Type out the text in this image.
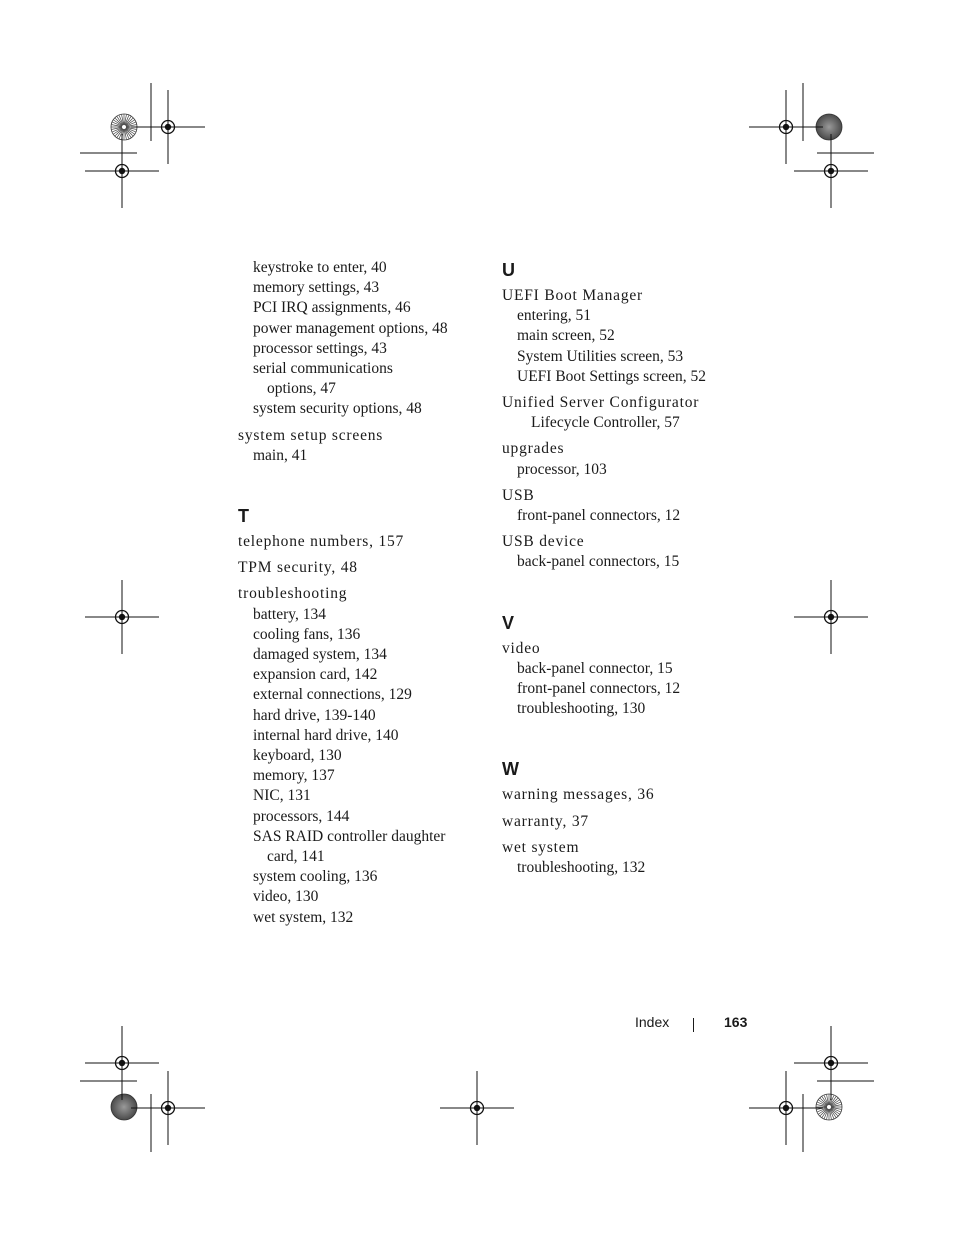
keystroke to enter, 40
memory settings, 43
PCI IRQ assignments, 46
power management options, 48
processor settings, 43
serial communications
options, 47
system security options, 48
system setup screens
main, 41
T
telephone numbers, 157
TPM security, 48
troubleshooting
battery, 134
cooling fans, 136
damaged system, 134
expansion card, 142
external connections, 129
hard drive, 139-140
internal hard drive, 140
keyboard, 130
memory, 137
NIC, 131
processors, 144
SAS RAID controller daughter
card, 141
system cooling, 136
video, 130
wet system, 132
U
UEFI Boot Manager
entering, 51
main screen, 52
System Utilities screen, 53
UEFI Boot Settings screen, 52
Unified Server Configurator
Lifecycle Controller, 57
upgrades
processor, 103
USB
front-panel connectors, 12
USB device
back-panel connectors, 15
V
video
back-panel connector, 15
front-panel connectors, 12
troubleshooting, 130
W
warning messages, 36
warranty, 37
wet system
troubleshooting, 132
Index	163
